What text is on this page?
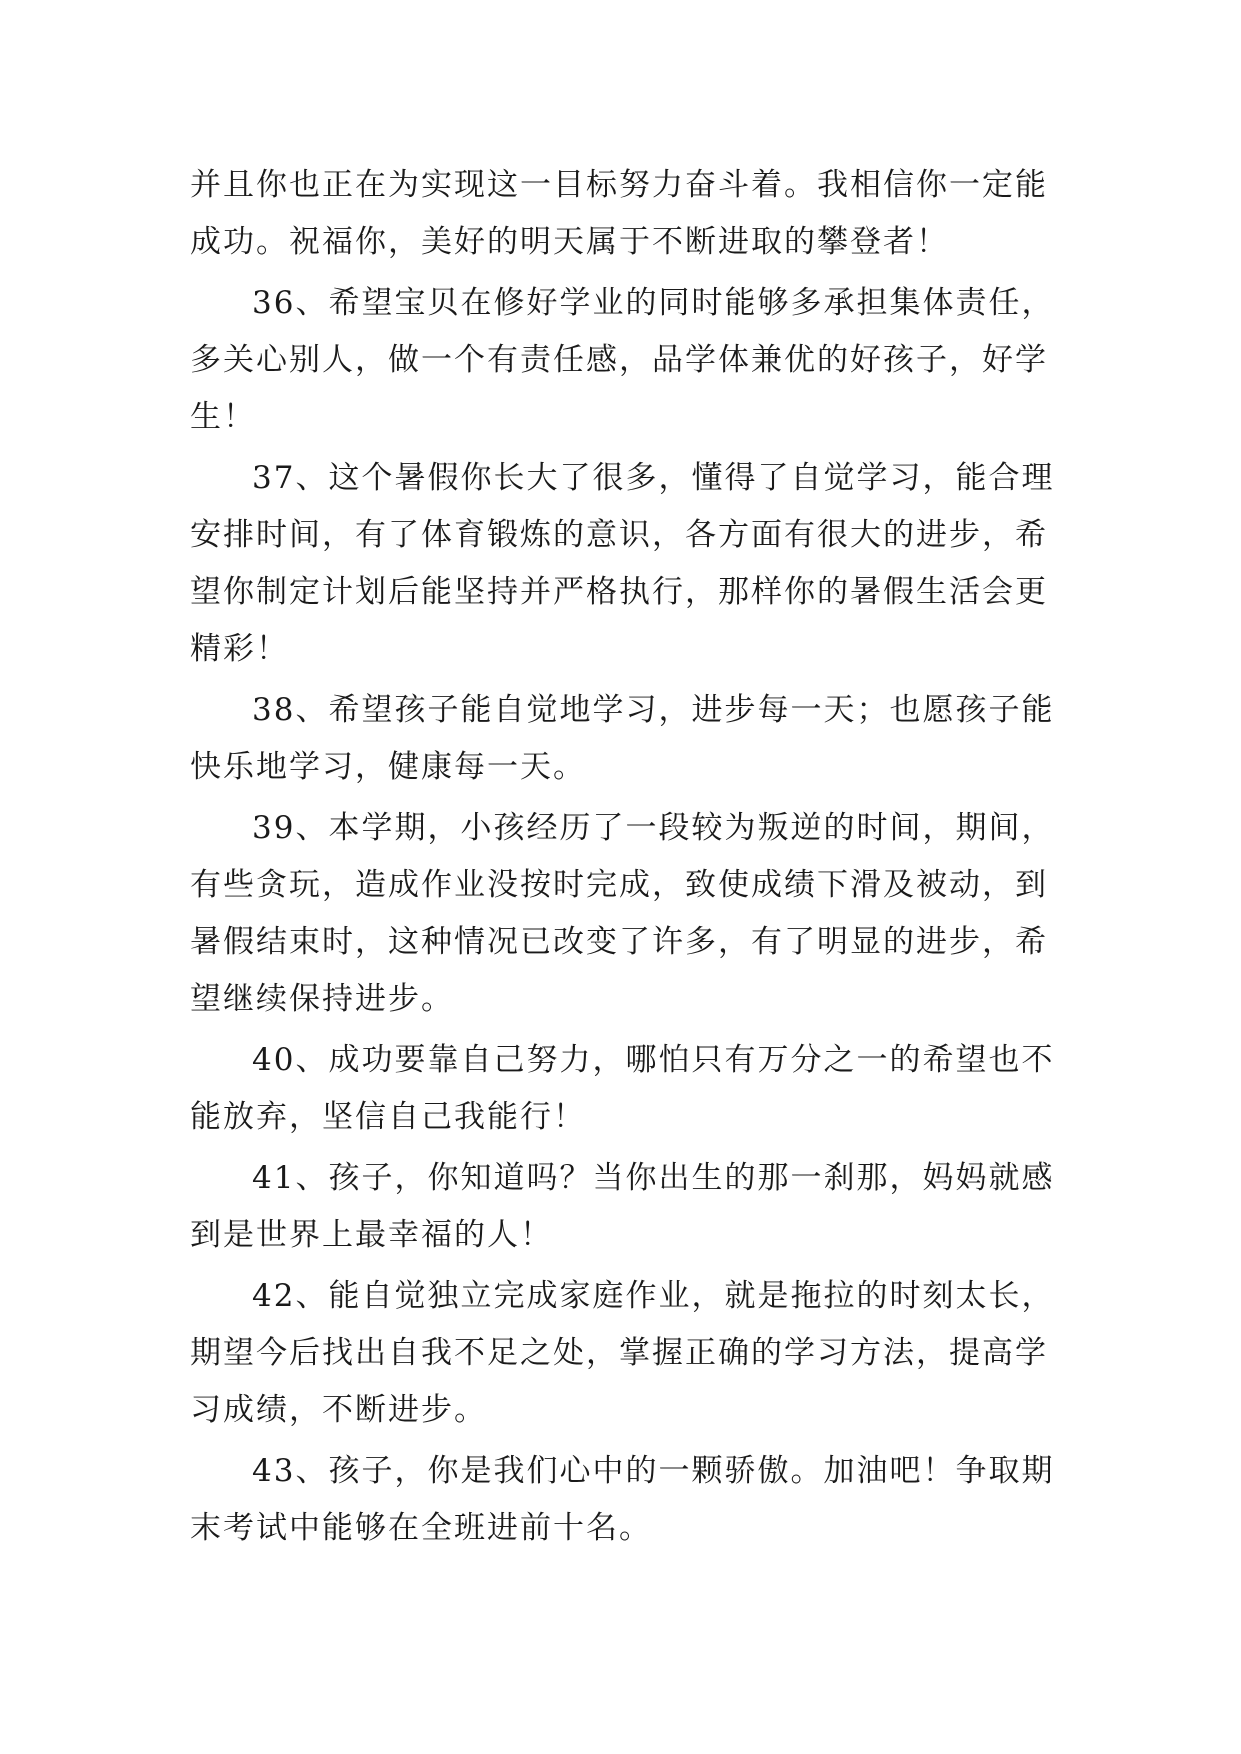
并且你也正在为实现这一目标努力奋斗着。我相信你一定能
成功。祝福你，美好的明天属于不断进取的攀登者！
36、希望宝贝在修好学业的同时能够多承担集体责任，
多关心别人，做一个有责任感，品学体兼优的好孩子，好学
生！
37、这个暑假你长大了很多，懂得了自觉学习，能合理
安排时间，有了体育锻炼的意识，各方面有很大的进步，希
望你制定计划后能坚持并严格执行，那样你的暑假生活会更
精彩！
38、希望孩子能自觉地学习，进步每一天；也愿孩子能
快乐地学习，健康每一天。
39、本学期，小孩经历了一段较为叛逆的时间，期间，
有些贪玩，造成作业没按时完成，致使成绩下滑及被动，到
暑假结束时，这种情况已改变了许多，有了明显的进步，希
望继续保持进步。
40、成功要靠自己努力，哪怕只有万分之一的希望也不
能放弃，坚信自己我能行！
41、孩子，你知道吗？当你出生的那一刹那，妈妈就感
到是世界上最幸福的人！
42、能自觉独立完成家庭作业，就是拖拉的时刻太长，
期望今后找出自我不足之处，掌握正确的学习方法，提高学
习成绩，不断进步。
43、孩子，你是我们心中的一颗骄傲。加油吧！争取期
末考试中能够在全班进前十名。
